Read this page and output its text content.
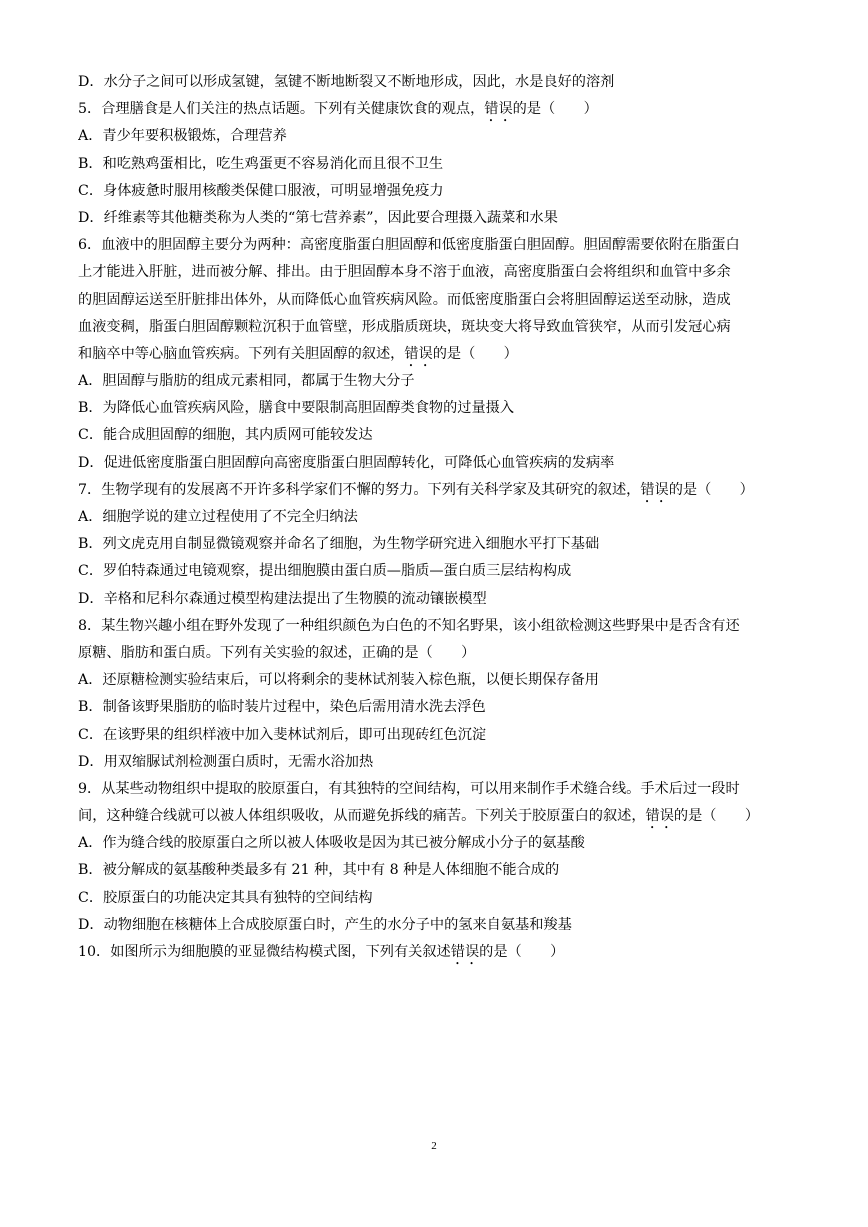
D．水分子之间可以形成氢键，氢键不断地断裂又不断地形成，因此，水是良好的溶剂
5．合理膳食是人们关注的热点话题。下列有关健康饮食的观点，错误的是（　　）
A．青少年要积极锻炼，合理营养
B．和吃熟鸡蛋相比，吃生鸡蛋更不容易消化而且很不卫生
C．身体疲惫时服用核酸类保健口服液，可明显增强免疫力
D．纤维素等其他糖类称为人类的“第七营养素”，因此要合理摄入蔬菜和水果
6．血液中的胆固醇主要分为两种：高密度脂蛋白胆固醇和低密度脂蛋白胆固醇。胆固醇需要依附在脂蛋白
上才能进入肝脏，进而被分解、排出。由于胆固醇本身不溶于血液，高密度脂蛋白会将组织和血管中多余
的胆固醇运送至肝脏排出体外，从而降低心血管疾病风险。而低密度脂蛋白会将胆固醇运送至动脉，造成
血液变稠，脂蛋白胆固醇颗粒沉积于血管壁，形成脂质斑块，斑块变大将导致血管狭窄，从而引发冠心病
和脑卒中等心脑血管疾病。下列有关胆固醇的叙述，错误的是（　　）
A．胆固醇与脂肪的组成元素相同，都属于生物大分子
B．为降低心血管疾病风险，膳食中要限制高胆固醇类食物的过量摄入
C．能合成胆固醇的细胞，其内质网可能较发达
D．促进低密度脂蛋白胆固醇向高密度脂蛋白胆固醇转化，可降低心血管疾病的发病率
7．生物学现有的发展离不开许多科学家们不懈的努力。下列有关科学家及其研究的叙述，错误的是（　　）
A．细胞学说的建立过程使用了不完全归纳法
B．列文虎克用自制显微镜观察并命名了细胞，为生物学研究进入细胞水平打下基础
C．罗伯特森通过电镜观察，提出细胞膜由蛋白质—脂质—蛋白质三层结构构成
D．辛格和尼科尔森通过模型构建法提出了生物膜的流动镶嵌模型
8．某生物兴趣小组在野外发现了一种组织颜色为白色的不知名野果，该小组欲检测这些野果中是否含有还
原糖、脂肪和蛋白质。下列有关实验的叙述，正确的是（　　）
A．还原糖检测实验结束后，可以将剩余的斐林试剂装入棕色瓶，以便长期保存备用
B．制备该野果脂肪的临时装片过程中，染色后需用清水洗去浮色
C．在该野果的组织样液中加入斐林试剂后，即可出现砖红色沉淀
D．用双缩脲试剂检测蛋白质时，无需水浴加热
9．从某些动物组织中提取的胶原蛋白，有其独特的空间结构，可以用来制作手术缝合线。手术后过一段时
间，这种缝合线就可以被人体组织吸收，从而避免拆线的痛苦。下列关于胶原蛋白的叙述，错误的是（　　）
A．作为缝合线的胶原蛋白之所以被人体吸收是因为其已被分解成小分子的氨基酸
B．被分解成的氨基酸种类最多有 21 种，其中有 8 种是人体细胞不能合成的
C．胶原蛋白的功能决定其具有独特的空间结构
D．动物细胞在核糖体上合成胶原蛋白时，产生的水分子中的氢来自氨基和羧基
10．如图所示为细胞膜的亚显微结构模式图，下列有关叙述错误的是（　　）
2
